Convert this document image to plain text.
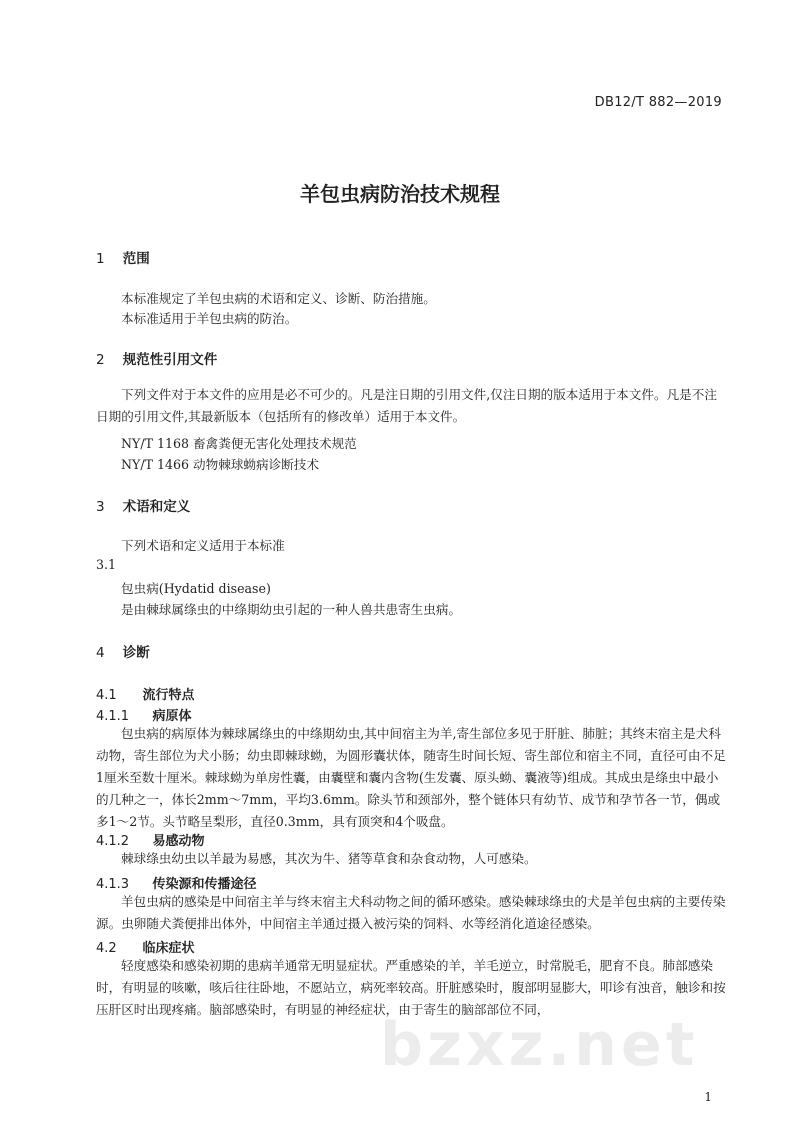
DB12/T 882—2019
羊包虫病防治技术规程
1 范围
本标准规定了羊包虫病的术语和定义、诊断、防治措施。
本标准适用于羊包虫病的防治。
2 规范性引用文件
下列文件对于本文件的应用是必不可少的。凡是注日期的引用文件,仅注日期的版本适用于本文件。凡是不注日期的引用文件,其最新版本（包括所有的修改单）适用于本文件。
NY/T 1168 畜禽粪便无害化处理技术规范
NY/T 1466 动物棘球蚴病诊断技术
3 术语和定义
下列术语和定义适用于本标准
3.1
包虫病(Hydatid disease)
是由棘球属绦虫的中绦期幼虫引起的一种人兽共患寄生虫病。
4 诊断
4.1 流行特点
4.1.1 病原体
包虫病的病原体为棘球属绦虫的中绦期幼虫,其中间宿主为羊,寄生部位多见于肝脏、肺脏；其终末宿主是犬科动物，寄生部位为犬小肠；幼虫即棘球蚴，为圆形囊状体，随寄生时间长短、寄生部位和宿主不同，直径可由不足1厘米至数十厘米。棘球蚴为单房性囊，由囊壁和囊内含物(生发囊、原头蚴、囊液等)组成。其成虫是绦虫中最小的几种之一，体长2mm～7mm，平均3.6mm。除头节和颈部外，整个链体只有幼节、成节和孕节各一节，偶或多1～2节。头节略呈梨形，直径0.3mm，具有顶突和4个吸盘。
4.1.2 易感动物
棘球绦虫幼虫以羊最为易感，其次为牛、猪等草食和杂食动物，人可感染。
4.1.3 传染源和传播途径
羊包虫病的感染是中间宿主羊与终末宿主犬科动物之间的循环感染。感染棘球绦虫的犬是羊包虫病的主要传染源。虫卵随犬粪便排出体外，中间宿主羊通过摄入被污染的饲料、水等经消化道途径感染。
4.2 临床症状
轻度感染和感染初期的患病羊通常无明显症状。严重感染的羊，羊毛逆立，时常脱毛，肥育不良。肺部感染时，有明显的咳嗽，咳后往往卧地，不愿站立，病死率较高。肝脏感染时，腹部明显膨大，叩诊有浊音，触诊和按压肝区时出现疼痛。脑部感染时，有明显的神经症状，由于寄生的脑部部位不同，
bzxz.net
1
